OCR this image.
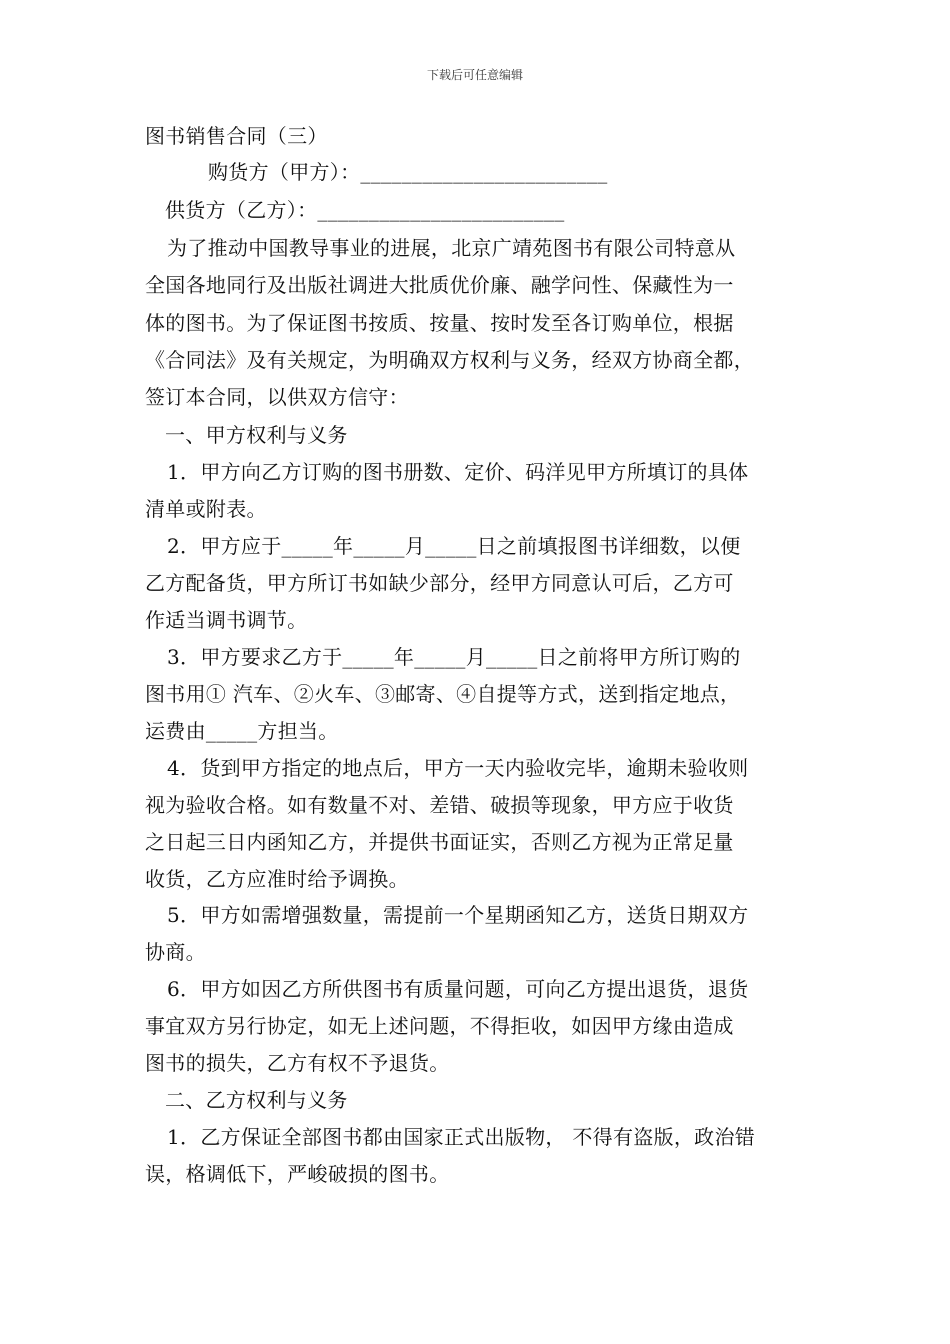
下载后可任意编辑
图书销售合同（三）
购货方（甲方）：________________________
供货方（乙方）：________________________
为了推动中国教导事业的进展，北京广靖苑图书有限公司特意从
全国各地同行及出版社调进大批质优价廉、融学问性、保藏性为一
体的图书。为了保证图书按质、按量、按时发至各订购单位，根据
《合同法》及有关规定，为明确双方权利与义务，经双方协商全都，
签订本合同，以供双方信守：
一、甲方权利与义务
1．甲方向乙方订购的图书册数、定价、码洋见甲方所填订的具体
清单或附表。
2．甲方应于_____年_____月_____日之前填报图书详细数，以便
乙方配备货，甲方所订书如缺少部分，经甲方同意认可后，乙方可
作适当调书调节。
3．甲方要求乙方于_____年_____月_____日之前将甲方所订购的
图书用① 汽车、②火车、③邮寄、④自提等方式，送到指定地点，
运费由_____方担当。
4．货到甲方指定的地点后，甲方一天内验收完毕，逾期未验收则
视为验收合格。如有数量不对、差错、破损等现象，甲方应于收货
之日起三日内函知乙方，并提供书面证实，否则乙方视为正常足量
收货，乙方应准时给予调换。
5．甲方如需增强数量，需提前一个星期函知乙方，送货日期双方
协商。
6．甲方如因乙方所供图书有质量问题，可向乙方提出退货，退货
事宜双方另行协定，如无上述问题，不得拒收，如因甲方缘由造成
图书的损失，乙方有权不予退货。
二、乙方权利与义务
1．乙方保证全部图书都由国家正式出版物， 不得有盗版，政治错
误，格调低下，严峻破损的图书。
